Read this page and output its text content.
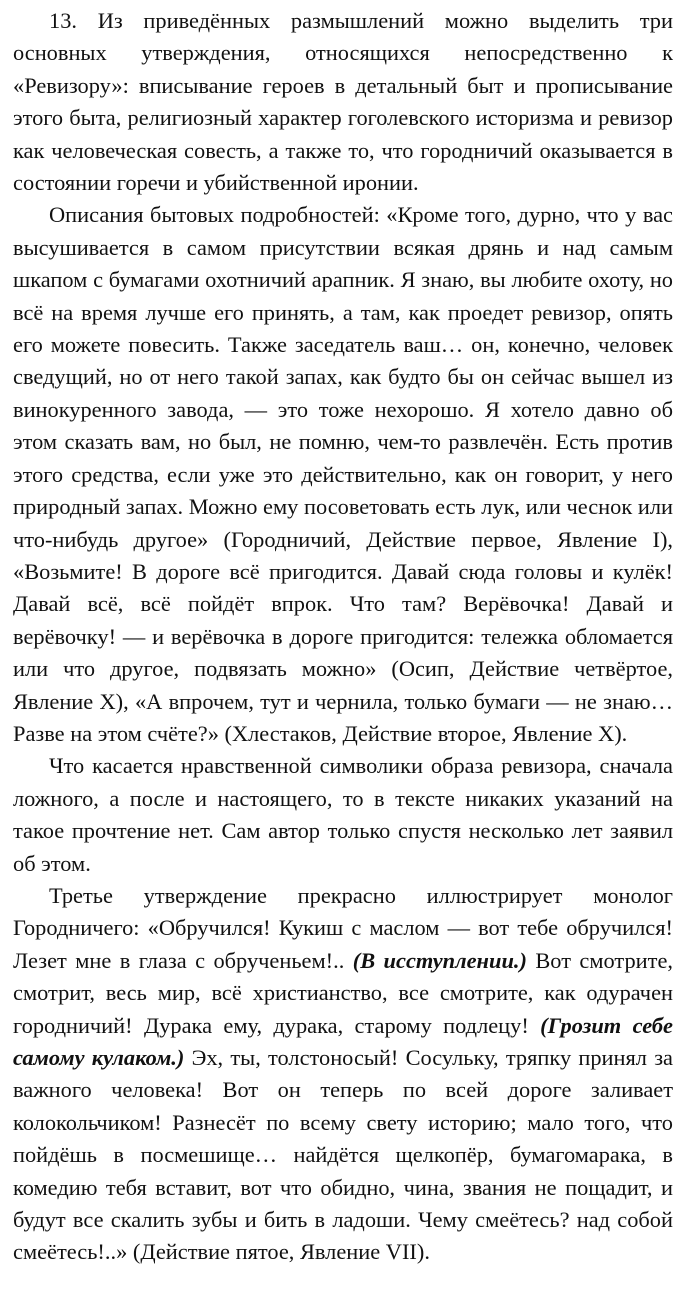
13. Из приведённых размышлений можно выделить три основных утверждения, относящихся непосредственно к «Ревизору»: вписывание героев в детальный быт и прописывание этого быта, религиозный характер гоголевского историзма и ревизор как человеческая совесть, а также то, что городничий оказывается в состоянии горечи и убийственной иронии.

Описания бытовых подробностей: «Кроме того, дурно, что у вас высушивается в самом присутствии всякая дрянь и над самым шкапом с бумагами охотничий арапник. Я знаю, вы любите охоту, но всё на время лучше его принять, а там, как проедет ревизор, опять его можете повесить. Также заседатель ваш… он, конечно, человек сведущий, но от него такой запах, как будто бы он сейчас вышел из винокуренного завода, — это тоже нехорошо. Я хотело давно об этом сказать вам, но был, не помню, чем-то развлечён. Есть против этого средства, если уже это действительно, как он говорит, у него природный запах. Можно ему посоветовать есть лук, или чеснок или что-нибудь другое» (Городничий, Действие первое, Явление I), «Возьмите! В дороге всё пригодится. Давай сюда головы и кулёк! Давай всё, всё пойдёт впрок. Что там? Верёвочка! Давай и верёвочку! — и верёвочка в дороге пригодится: тележка обломается или что другое, подвязать можно» (Осип, Действие четвёртое, Явление X), «А впрочем, тут и чернила, только бумаги — не знаю… Разве на этом счёте?» (Хлестаков, Действие второе, Явление X).

Что касается нравственной символики образа ревизора, сначала ложного, а после и настоящего, то в тексте никаких указаний на такое прочтение нет. Сам автор только спустя несколько лет заявил об этом.

Третье утверждение прекрасно иллюстрирует монолог Городничего: «Обручился! Кукиш с маслом — вот тебе обручился! Лезет мне в глаза с обрученьем!.. (В исступлении.) Вот смотрите, смотрит, весь мир, всё христианство, все смотрите, как одурачен городничий! Дурака ему, дурака, старому подлецу! (Грозит себе самому кулаком.) Эх, ты, толстоносый! Сосульку, тряпку принял за важного человека! Вот он теперь по всей дороге заливает колокольчиком! Разнесёт по всему свету историю; мало того, что пойдёшь в посмешище… найдётся щелкопёр, бумагомарака, в комедию тебя вставит, вот что обидно, чина, звания не пощадит, и будут все скалить зубы и бить в ладоши. Чему смеётесь? над собой смеётесь!..» (Действие пятое, Явление VII).
